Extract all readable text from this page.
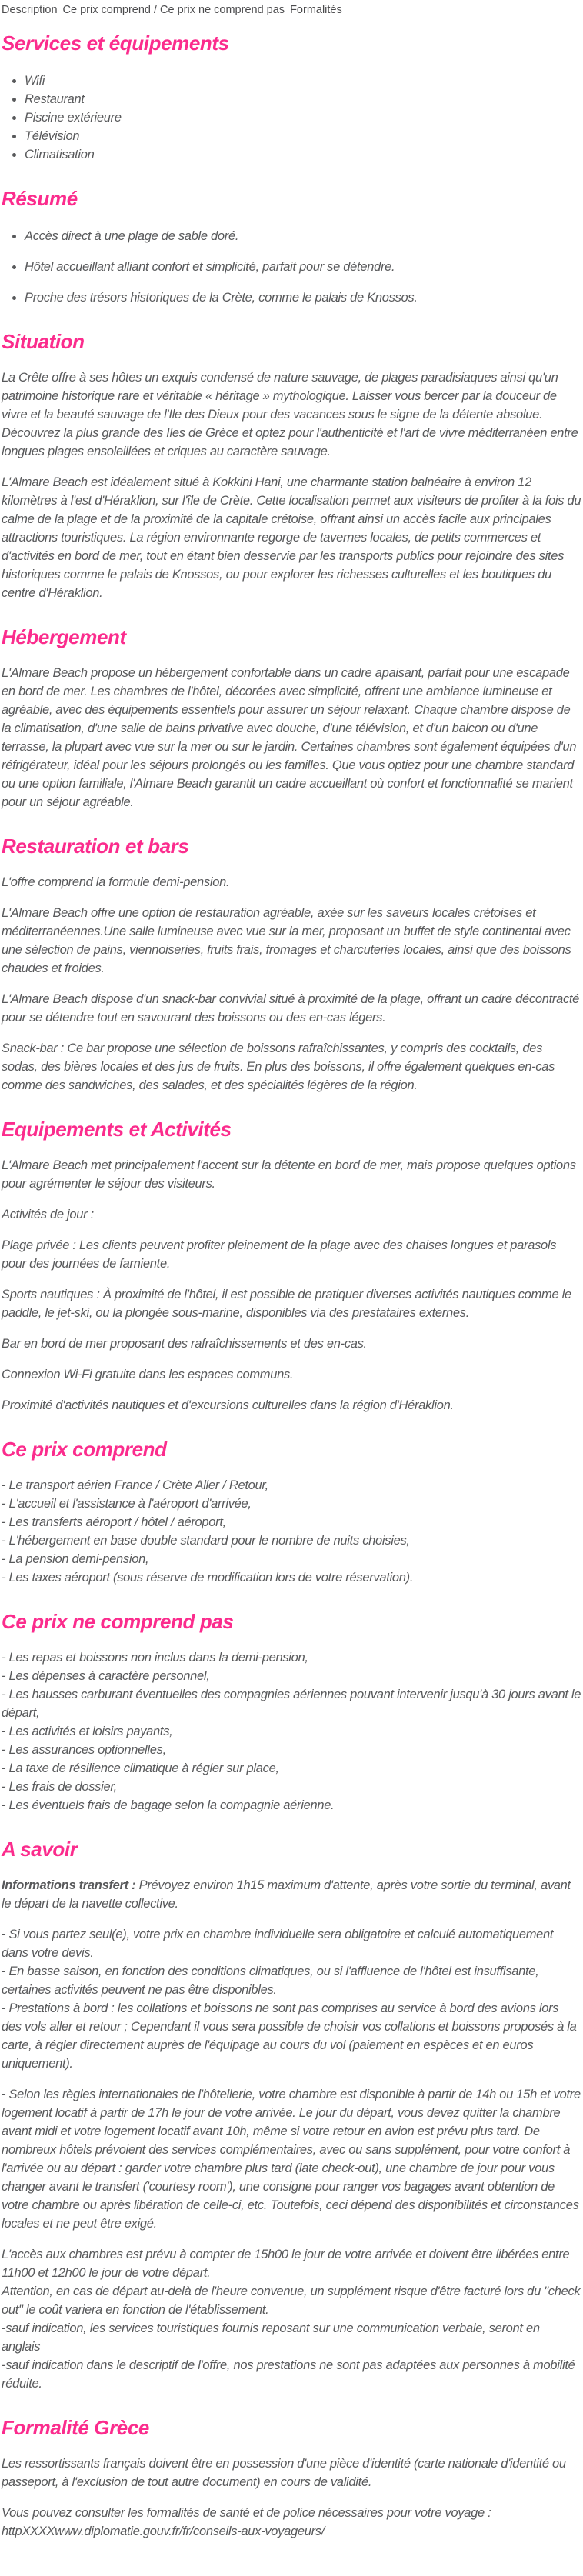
Description Ce prix comprend / Ce prix ne comprend pas Formalités
Services et équipements
• Wifi
• Restaurant
• Piscine extérieure
• Télévision
• Climatisation
Résumé
• Accès direct à une plage de sable doré.
• Hôtel accueillant alliant confort et simplicité, parfait pour se détendre.
• Proche des trésors historiques de la Crète, comme le palais de Knossos.
Situation

La Crête offre à ses hôtes un exquis condensé de nature sauvage, de plages paradisiaques ainsi qu'un patrimoine historique rare et véritable « héritage » mythologique. Laisser vous bercer par la douceur de vivre et la beauté sauvage de l'Ile des Dieux pour des vacances sous le signe de la détente absolue. Découvrez la plus grande des Iles de Grèce et optez pour l'authenticité et l'art de vivre méditerranéen entre longues plages ensoleillées et criques au caractère sauvage.

L'Almare Beach est idéalement situé à Kokkini Hani, une charmante station balnéaire à environ 12 kilomètres à l'est d'Héraklion, sur l'île de Crète. Cette localisation permet aux visiteurs de profiter à la fois du calme de la plage et de la proximité de la capitale crétoise, offrant ainsi un accès facile aux principales attractions touristiques. La région environnante regorge de tavernes locales, de petits commerces et d'activités en bord de mer, tout en étant bien desservie par les transports publics pour rejoindre des sites historiques comme le palais de Knossos, ou pour explorer les richesses culturelles et les boutiques du centre d'Héraklion.

Hébergement

L'Almare Beach propose un hébergement confortable dans un cadre apaisant, parfait pour une escapade en bord de mer. Les chambres de l'hôtel, décorées avec simplicité, offrent une ambiance lumineuse et agréable, avec des équipements essentiels pour assurer un séjour relaxant. Chaque chambre dispose de la climatisation, d'une salle de bains privative avec douche, d'une télévision, et d'un balcon ou d'une terrasse, la plupart avec vue sur la mer ou sur le jardin. Certaines chambres sont également équipées d'un réfrigérateur, idéal pour les séjours prolongés ou les familles. Que vous optiez pour une chambre standard ou une option familiale, l'Almare Beach garantit un cadre accueillant où confort et fonctionnalité se marient pour un séjour agréable.

Restauration et bars

L'offre comprend la formule demi-pension.

L'Almare Beach offre une option de restauration agréable, axée sur les saveurs locales crétoises et méditerranéennes.Une salle lumineuse avec vue sur la mer, proposant un buffet de style continental avec une sélection de pains, viennoiseries, fruits frais, fromages et charcuteries locales, ainsi que des boissons chaudes et froides.

L'Almare Beach dispose d'un snack-bar convivial situé à proximité de la plage, offrant un cadre décontracté pour se détendre tout en savourant des boissons ou des en-cas légers.

Snack-bar : Ce bar propose une sélection de boissons rafraîchissantes, y compris des cocktails, des sodas, des bières locales et des jus de fruits. En plus des boissons, il offre également quelques en-cas comme des sandwiches, des salades, et des spécialités légères de la région.

Equipements et Activités

L'Almare Beach met principalement l'accent sur la détente en bord de mer, mais propose quelques options pour agrémenter le séjour des visiteurs.

Activités de jour :

Plage privée : Les clients peuvent profiter pleinement de la plage avec des chaises longues et parasols pour des journées de farniente.

Sports nautiques : À proximité de l'hôtel, il est possible de pratiquer diverses activités nautiques comme le paddle, le jet-ski, ou la plongée sous-marine, disponibles via des prestataires externes.

Bar en bord de mer proposant des rafraîchissements et des en-cas.

Connexion Wi-Fi gratuite dans les espaces communs.

Proximité d'activités nautiques et d'excursions culturelles dans la région d'Héraklion.

Ce prix comprend

- Le transport aérien France / Crète Aller / Retour,

- L'accueil et l'assistance à l'aéroport d'arrivée,

- Les transferts aéroport / hôtel / aéroport,

- L'hébergement en base double standard pour le nombre de nuits choisies,

- La pension demi-pension,

- Les taxes aéroport (sous réserve de modification lors de votre réservation).

Ce prix ne comprend pas

- Les repas et boissons non inclus dans la demi-pension,

- Les dépenses à caractère personnel,

- Les hausses carburant éventuelles des compagnies aériennes pouvant intervenir jusqu'à 30 jours avant le départ,

- Les activités et loisirs payants,

- Les assurances optionnelles,

- La taxe de résilience climatique à régler sur place,

- Les frais de dossier,

- Les éventuels frais de bagage selon la compagnie aérienne.

A savoir

Informations transfert : Prévoyez environ 1h15 maximum d'attente, après votre sortie du terminal, avant le départ de la navette collective.

- Si vous partez seul(e), votre prix en chambre individuelle sera obligatoire et calculé automatiquement dans votre devis.

- En basse saison, en fonction des conditions climatiques, ou si l'affluence de l'hôtel est insuffisante, certaines activités peuvent ne pas être disponibles.

- Prestations à bord : les collations et boissons ne sont pas comprises au service à bord des avions lors des vols aller et retour ; Cependant il vous sera possible de choisir vos collations et boissons proposés à la carte, à régler directement auprès de l'équipage au cours du vol (paiement en espèces et en euros uniquement).

- Selon les règles internationales de l'hôtellerie, votre chambre est disponible à partir de 14h ou 15h et votre logement locatif à partir de 17h le jour de votre arrivée. Le jour du départ, vous devez quitter la chambre avant midi et votre logement locatif avant 10h, même si votre retour en avion est prévu plus tard. De nombreux hôtels prévoient des services complémentaires, avec ou sans supplément, pour votre confort à l'arrivée ou au départ : garder votre chambre plus tard (late check-out), une chambre de jour pour vous changer avant le transfert ('courtesy room'), une consigne pour ranger vos bagages avant obtention de votre chambre ou après libération de celle-ci, etc. Toutefois, ceci dépend des disponibilités et circonstances locales et ne peut être exigé.

L'accès aux chambres est prévu à compter de 15h00 le jour de votre arrivée et doivent être libérées entre 11h00 et 12h00 le jour de votre départ.

Attention, en cas de départ au-delà de l'heure convenue, un supplément risque d'être facturé lors du "check out" le coût variera en fonction de l'établissement.

-sauf indication, les services touristiques fournis reposant sur une communication verbale, seront en anglais

-sauf indication dans le descriptif de l'offre, nos prestations ne sont pas adaptées aux personnes à mobilité réduite.

Formalité Grèce

Les ressortissants français doivent être en possession d'une pièce d'identité (carte nationale d'identité ou passeport, à l'exclusion de tout autre document) en cours de validité.

Vous pouvez consulter les formalités de santé et de police nécessaires pour votre voyage :

httpXXXXwww.diplomatie.gouv.fr/fr/conseils-aux-voyageurs/
